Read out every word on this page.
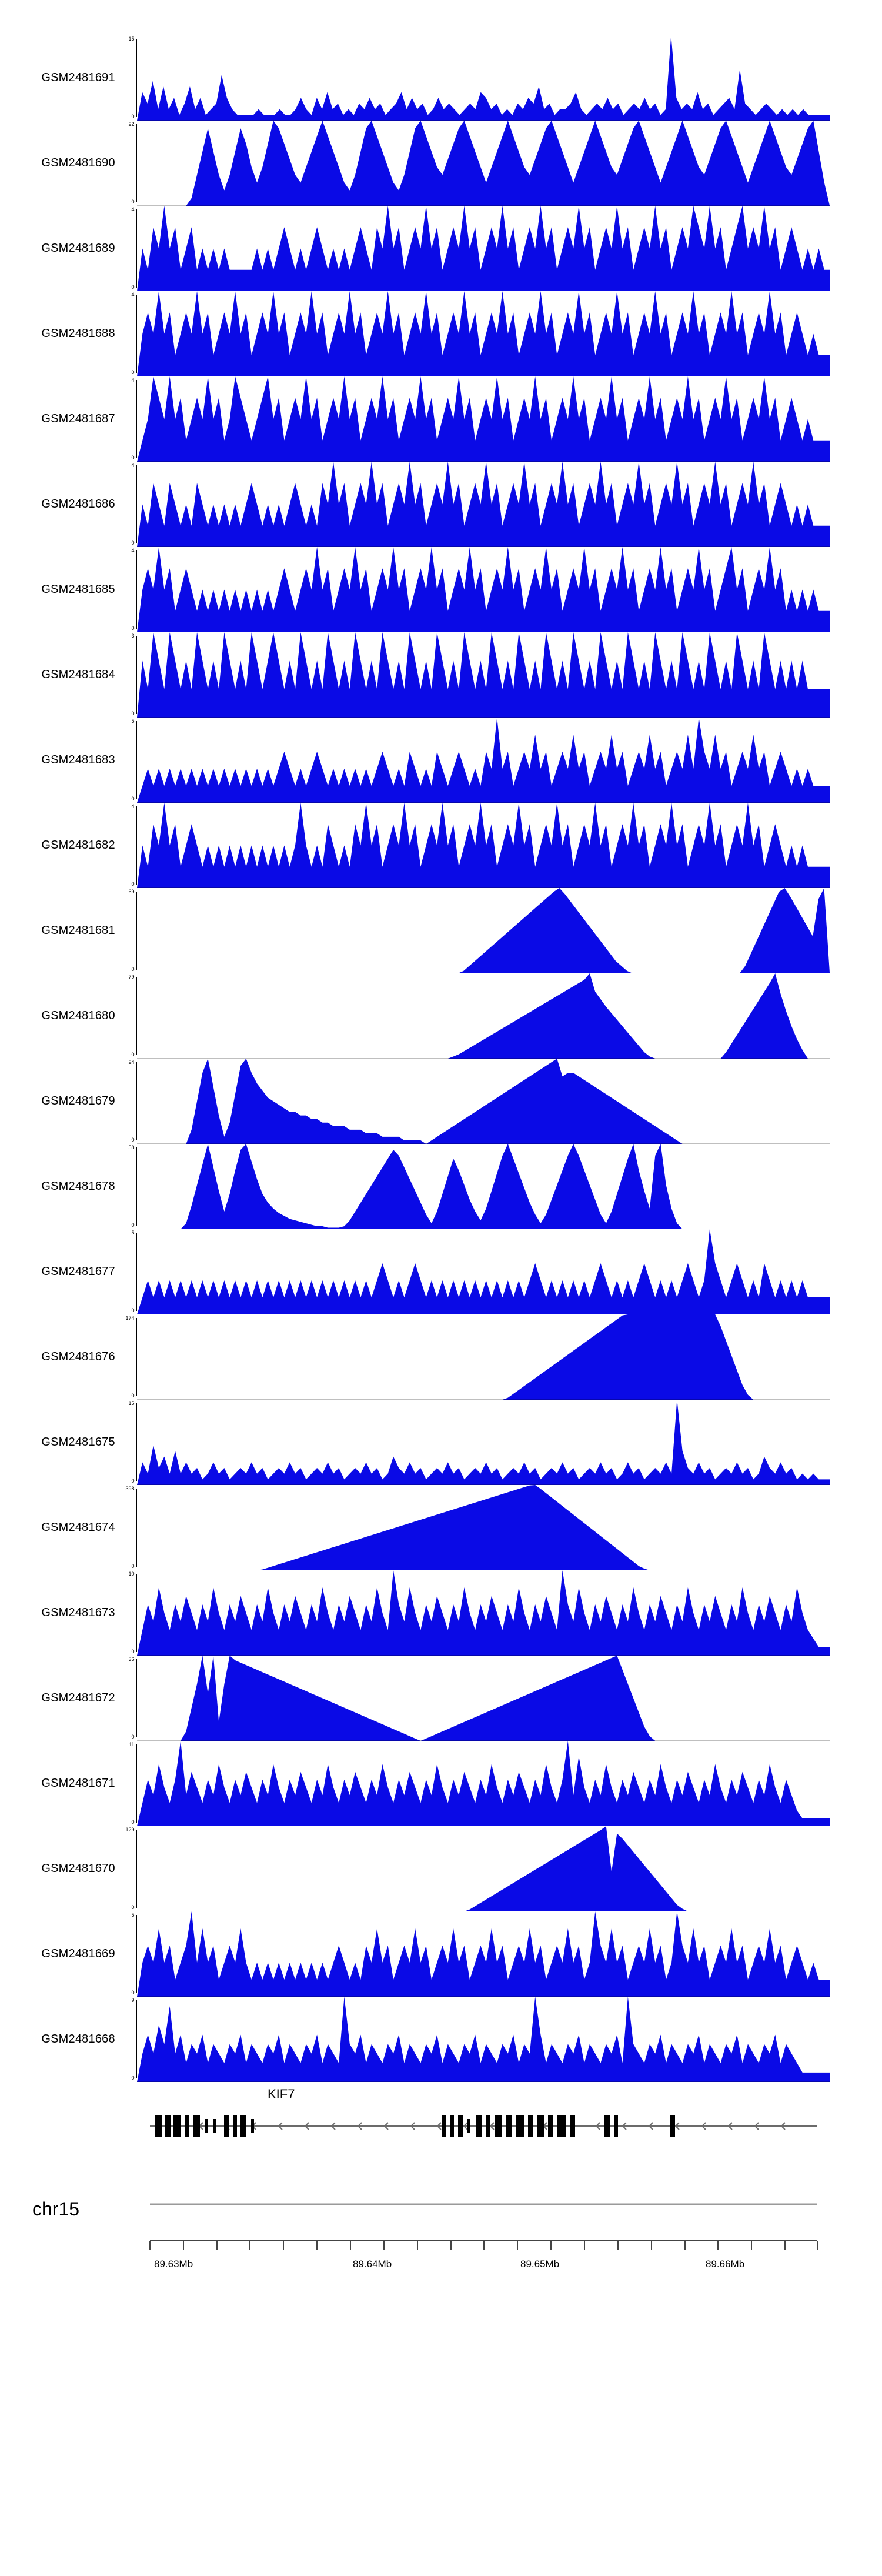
GSM2481691
15
0
GSM2481690
22
0
GSM2481689
4
0
GSM2481688
4
0
GSM2481687
4
0
GSM2481686
4
0
GSM2481685
4
0
GSM2481684
3
0
GSM2481683
5
0
GSM2481682
4
0
GSM2481681
69
0
GSM2481680
79
0
GSM2481679
24
0
GSM2481678
58
0
GSM2481677
5
0
GSM2481676
174
0
GSM2481675
15
0
GSM2481674
398
0
GSM2481673
10
0
GSM2481672
36
0
GSM2481671
11
0
GSM2481670
129
0
GSM2481669
5
0
GSM2481668
9
0
KIF7
chr15
89.63Mb	89.64Mb	89.65Mb	89.66Mb
